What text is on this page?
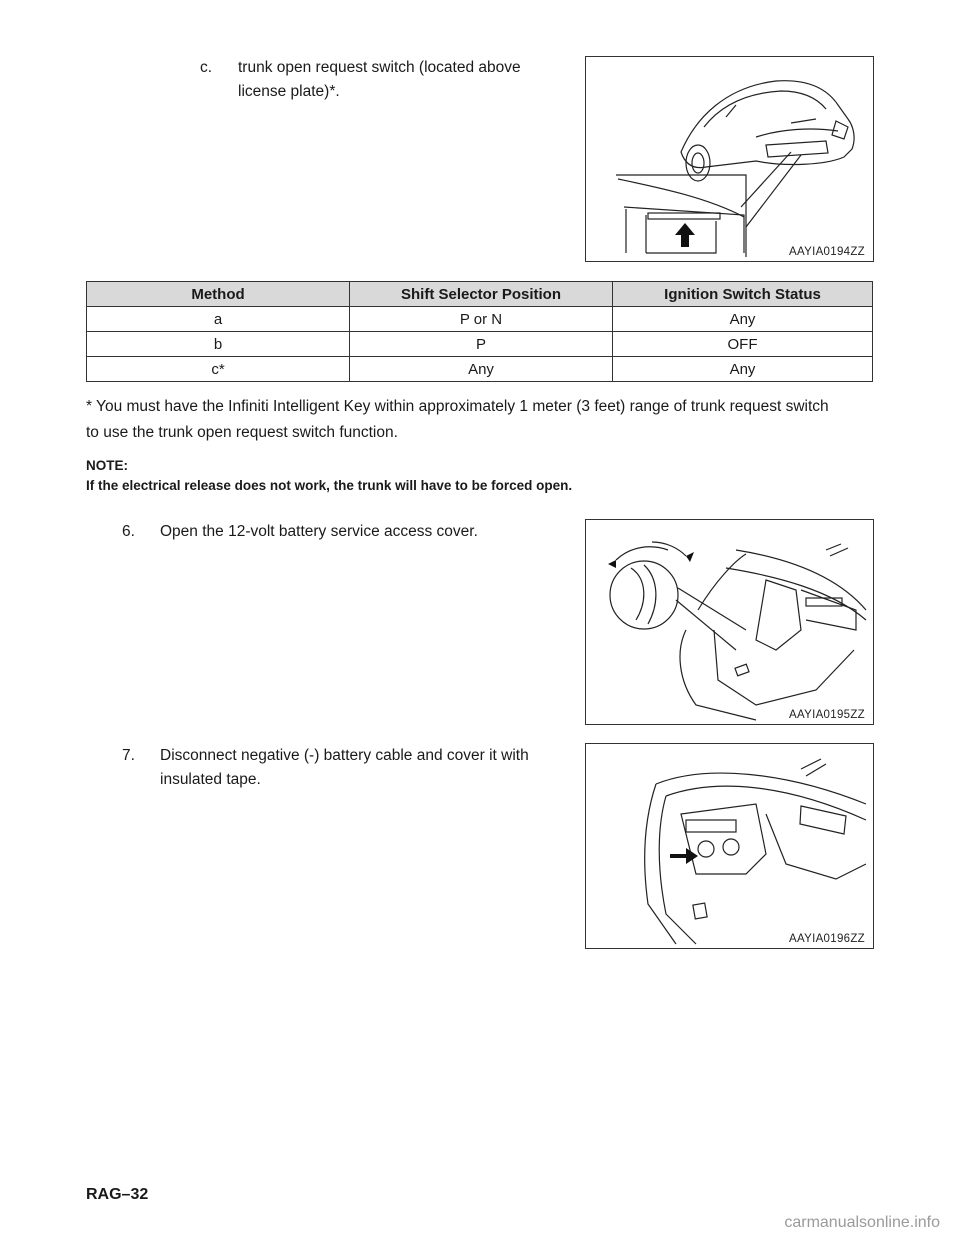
c. trunk open request switch (located above
license plate)*.
AAYIA0194ZZ
Method	Shift Selector Position	Ignition Switch Status
a	P or N	Any
b	P	OFF
c*	Any	Any
* You must have the Infiniti Intelligent Key within approximately 1 meter (3 feet) range of trunk request switch
to use the trunk open request switch function.
NOTE:
If the electrical release does not work, the trunk will have to be forced open.
6. Open the 12-volt battery service access cover.
AAYIA0195ZZ
7. Disconnect negative (-) battery cable and cover it with
insulated tape.
AAYIA0196ZZ
RAG–32
carmanualsonline.info
